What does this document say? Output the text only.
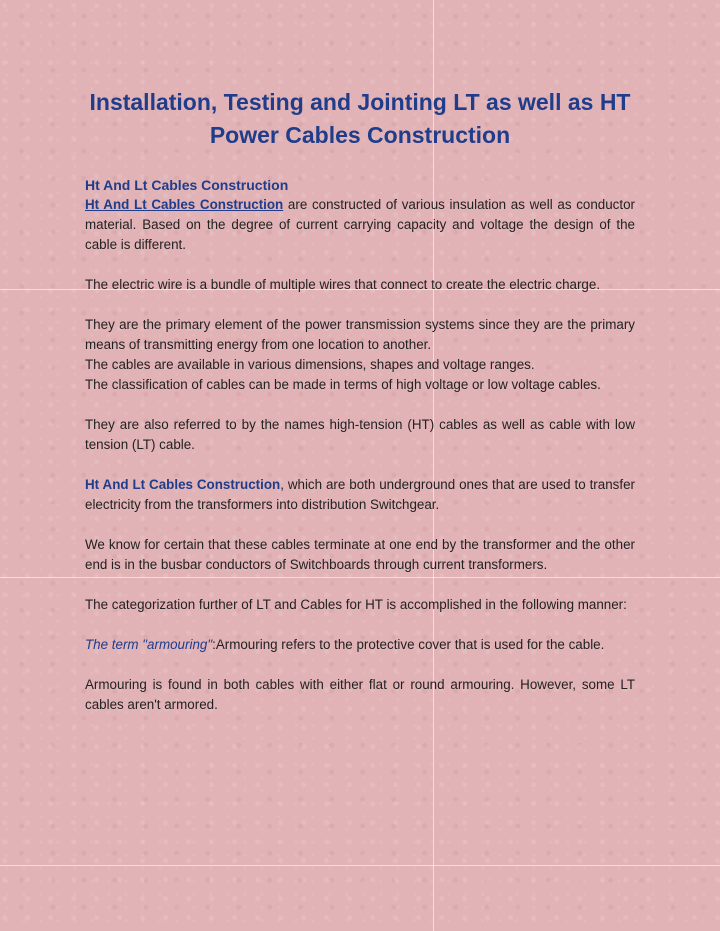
Installation, Testing and Jointing LT as well as HT Power Cables Construction
Ht And Lt Cables Construction

Ht And Lt Cables Construction are constructed of various insulation as well as conductor material. Based on the degree of current carrying capacity and voltage the design of the cable is different.

The electric wire is a bundle of multiple wires that connect to create the electric charge.

They are the primary element of the power transmission systems since they are the primary means of transmitting energy from one location to another.

The cables are available in various dimensions, shapes and voltage ranges.

The classification of cables can be made in terms of high voltage or low voltage cables.

They are also referred to by the names high-tension (HT) cables as well as cable with low tension (LT) cable.

Ht And Lt Cables Construction, which are both underground ones that are used to transfer electricity from the transformers into distribution Switchgear.

We know for certain that these cables terminate at one end by the transformer and the other end is in the busbar conductors of Switchboards through current transformers.

The categorization further of LT and Cables for HT is accomplished in the following manner:

The term "armouring":Armouring refers to the protective cover that is used for the cable.

Armouring is found in both cables with either flat or round armouring. However, some LT cables aren't armored.
